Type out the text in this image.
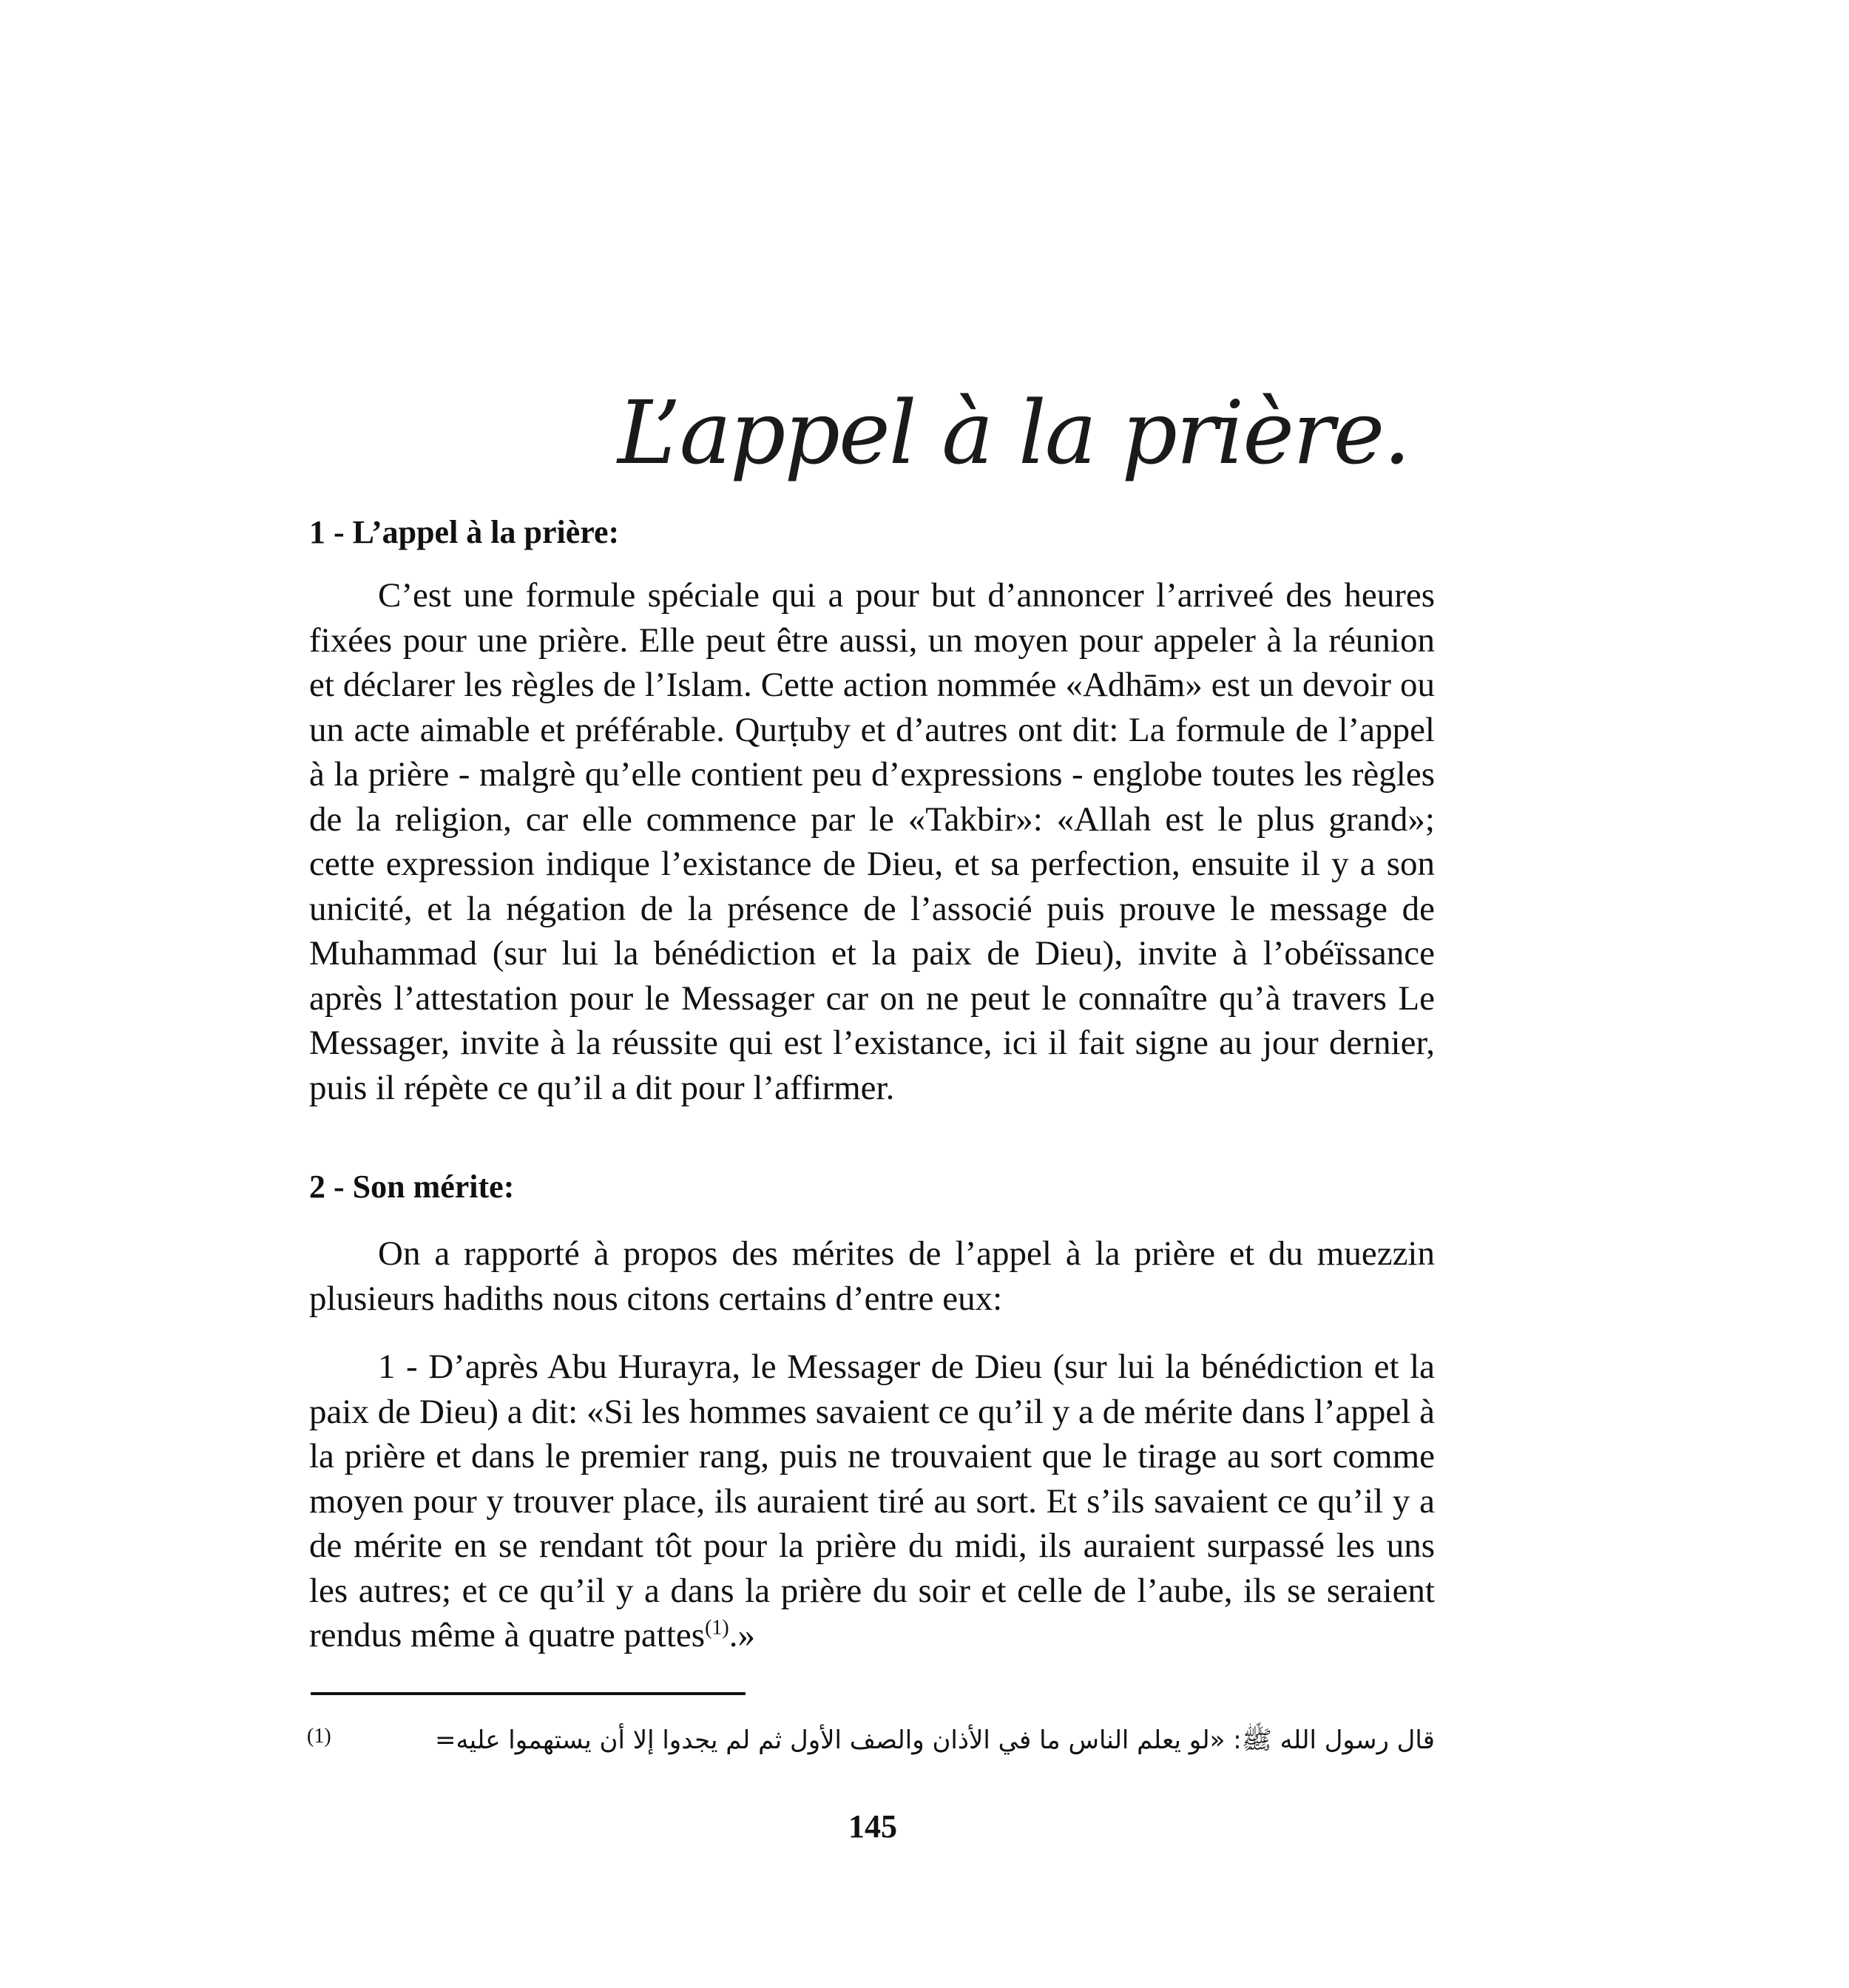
L’appel à la prière.
1 - L’appel à la prière:
C’est une formule spéciale qui a pour but d’annoncer l’arriveé des heures fixées pour une prière. Elle peut être aussi, un moyen pour appeler à la réunion et déclarer les règles de l’Islam. Cette action nommée «Adhām» est un devoir ou un acte aimable et préférable. Qurṭuby et d’autres ont dit: La formule de l’appel à la prière - malgrè qu’elle contient peu d’expressions - englobe toutes les règles de la religion, car elle commence par le «Takbir»: «Allah est le plus grand»; cette expression indique l’existance de Dieu, et sa perfection, ensuite il y a son unicité, et la négation de la présence de l’associé puis prouve le message de Muhammad (sur lui la bénédiction et la paix de Dieu), invite à l’obéïssance après l’attestation pour le Messager car on ne peut le connaître qu’à travers Le Messager, invite à la réussite qui est l’existance, ici il fait signe au jour dernier, puis il répète ce qu’il a dit pour l’affirmer.
2 - Son mérite:
On a rapporté à propos des mérites de l’appel à la prière et du muezzin plusieurs hadiths nous citons certains d’entre eux:
1 - D’après Abu Hurayra, le Messager de Dieu (sur lui la bénédiction et la paix de Dieu) a dit: «Si les hommes savaient ce qu’il y a de mérite dans l’appel à la prière et dans le premier rang, puis ne trouvaient que le tirage au sort comme moyen pour y trouver place, ils auraient tiré au sort. Et s’ils savaient ce qu’il y a de mérite en se rendant tôt pour la prière du midi, ils auraient surpassé les uns les autres; et ce qu’il y a dans la prière du soir et celle de l’aube, ils se seraient rendus même à quatre pattes$^{(1)}$.»
(1)	قال رسول الله ﷺ: «لو يعلم الناس ما في الأذان والصف الأول ثم لم يجدوا إلا أن يستهموا عليه=
145
